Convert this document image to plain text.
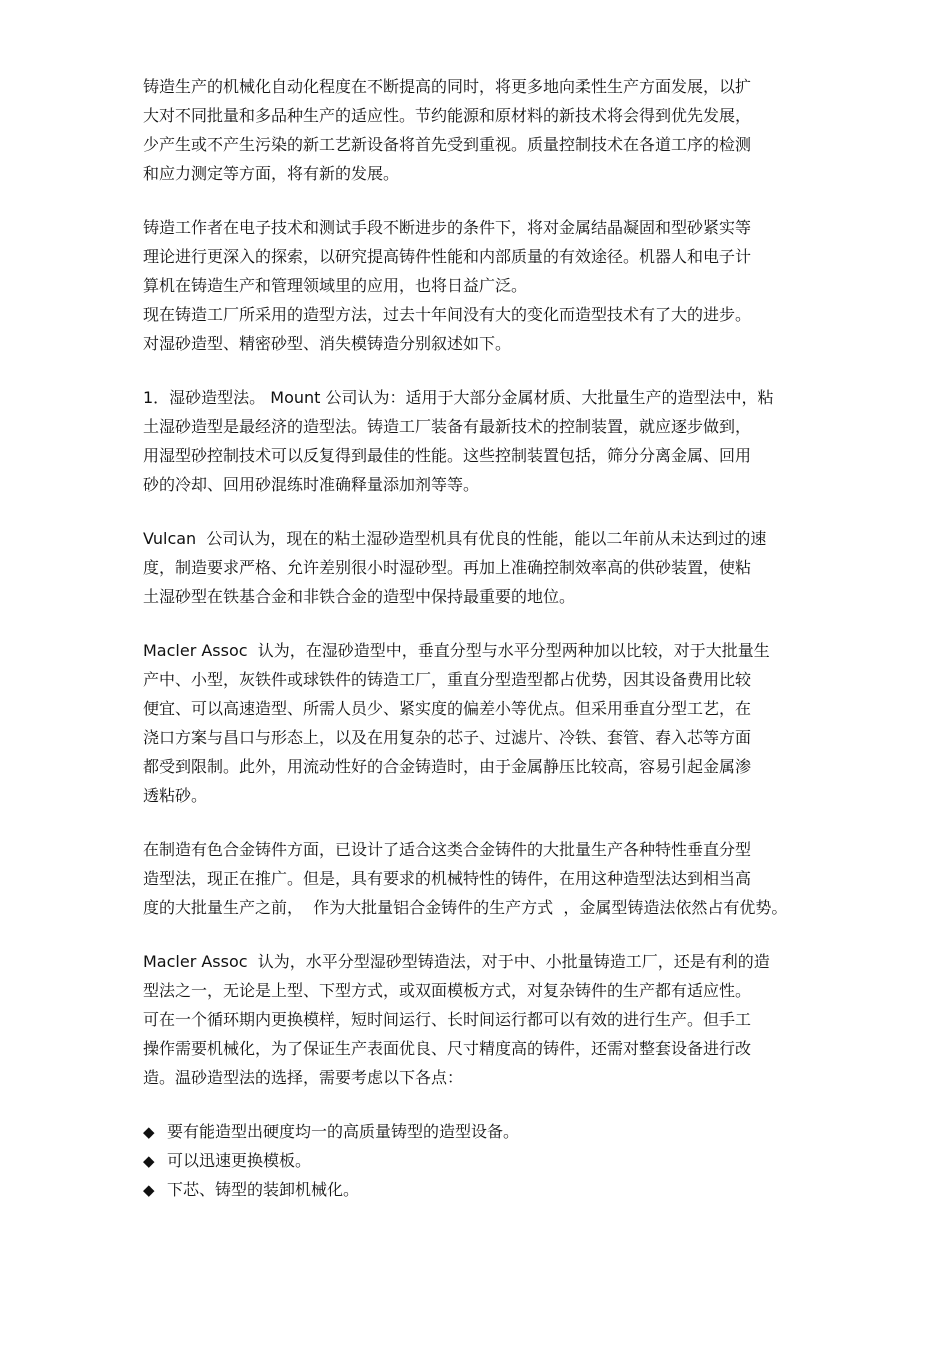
铸造生产的机械化自动化程度在不断提高的同时，将更多地向柔性生产方面发展，以扩
大对不同批量和多品种生产的适应性。节约能源和原材料的新技术将会得到优先发展，
少产生或不产生污染的新工艺新设备将首先受到重视。质量控制技术在各道工序的检测
和应力测定等方面，将有新的发展。
铸造工作者在电子技术和测试手段不断进步的条件下，将对金属结晶凝固和型砂紧实等
理论进行更深入的探索，以研究提高铸件性能和内部质量的有效途径。机器人和电子计
算机在铸造生产和管理领域里的应用，也将日益广泛。
现在铸造工厂所采用的造型方法，过去十年间没有大的变化而造型技术有了大的进步。
对湿砂造型、精密砂型、消失模铸造分别叙述如下。
1．湿砂造型法。 Mount 公司认为：适用于大部分金属材质、大批量生产的造型法中，粘
土湿砂造型是最经济的造型法。铸造工厂装备有最新技术的控制装置，就应逐步做到，
用湿型砂控制技术可以反复得到最佳的性能。这些控制装置包括，筛分分离金属、回用
砂的冷却、回用砂混练时准确释量添加剂等等。
Vulcan  公司认为，现在的粘土湿砂造型机具有优良的性能，能以二年前从未达到过的速
度，制造要求严格、允许差别很小时湿砂型。再加上准确控制效率高的供砂装置，使粘
土湿砂型在铁基合金和非铁合金的造型中保持最重要的地位。
Macler Assoc  认为，在湿砂造型中，垂直分型与水平分型两种加以比较，对于大批量生
产中、小型，灰铁件或球铁件的铸造工厂，重直分型造型都占优势，因其设备费用比较
便宜、可以高速造型、所需人员少、紧实度的偏差小等优点。但采用垂直分型工艺，在
浇口方案与昌口与形态上，以及在用复杂的芯子、过滤片、冷铁、套管、舂入芯等方面
都受到限制。此外，用流动性好的合金铸造时，由于金属静压比较高，容易引起金属渗
透粘砂。
在制造有色合金铸件方面，已设计了适合这类合金铸件的大批量生产各种特性垂直分型
造型法，现正在推广。但是，具有要求的机械特性的铸件，在用这种造型法达到相当高
度的大批量生产之前，  作为大批量铝合金铸件的生产方式  ，金属型铸造法依然占有优势。
Macler Assoc  认为，水平分型湿砂型铸造法，对于中、小批量铸造工厂，还是有利的造
型法之一，无论是上型、下型方式，或双面模板方式，对复杂铸件的生产都有适应性。
可在一个循环期内更换模样，短时间运行、长时间运行都可以有效的进行生产。但手工
操作需要机械化，为了保证生产表面优良、尺寸精度高的铸件，还需对整套设备进行改
造。温砂造型法的选择，需要考虑以下各点：
◆ 要有能造型出硬度均一的高质量铸型的造型设备。
◆ 可以迅速更换模板。
◆ 下芯、铸型的装卸机械化。
